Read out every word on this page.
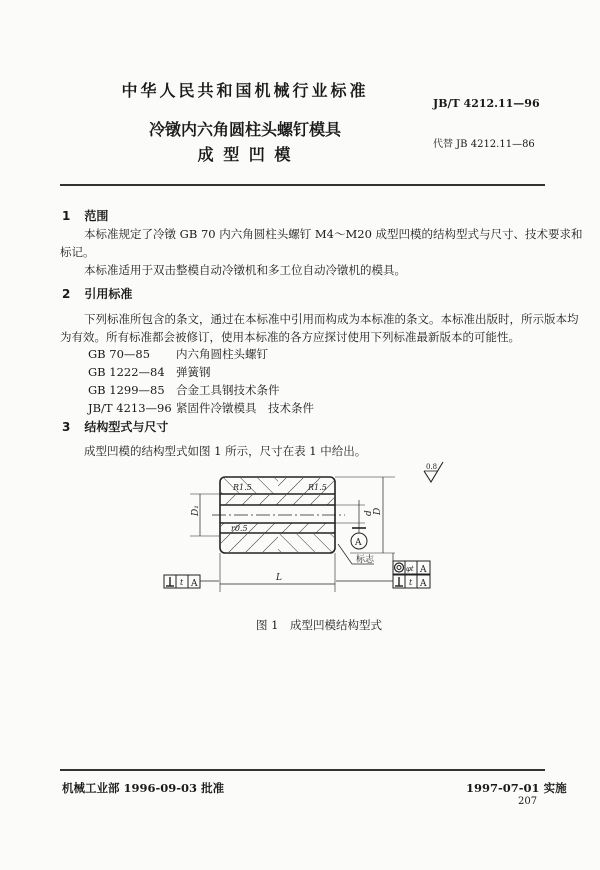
中华人民共和国机械行业标准
JB/T 4212.11—96
冷镦内六角圆柱头螺钉模具
成 型 凹 模
代替 JB 4212.11—86
1 范围
本标准规定了冷镦 GB 70 内六角圆柱头螺钉 M4～M20 成型凹模的结构型式与尺寸、技术要求和
标记。
本标准适用于双击整模自动冷镦机和多工位自动冷镦机的模具。
2 引用标准
下列标准所包含的条文，通过在本标准中引用而构成为本标准的条文。本标准出版时，所示版本均
为有效。所有标准都会被修订，使用本标准的各方应探讨使用下列标准最新版本的可能性。
GB 70—85 内六角圆柱头螺钉
GB 1222—84 弹簧钢
GB 1299—85 合金工具钢技术条件
JB/T 4213—96 紧固件冷镦模具　技术条件
3 结构型式与尺寸
成型凹模的结构型式如图 1 所示，尺寸在表 1 中给出。
R1.5	R1.5
r0.5
D₁	d D
L	t
t
φt
A
标志
A	A
A
0.8
图 1　成型凹模结构型式
机械工业部 1996-09-03 批准	1997-07-01 实施
207
